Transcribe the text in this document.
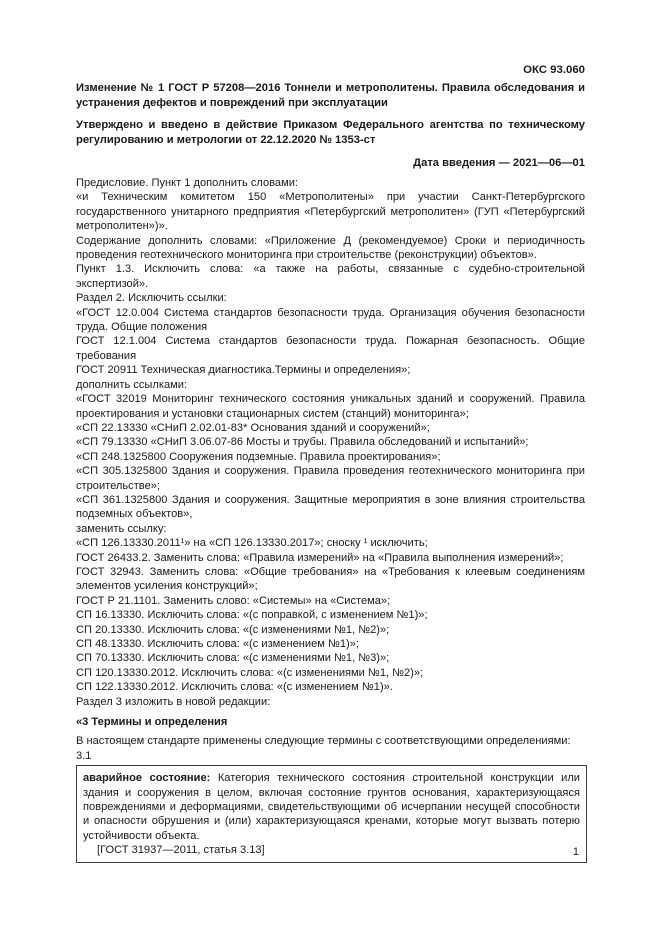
ОКС 93.060

Изменение № 1 ГОСТ Р 57208—2016 Тоннели и метрополитены. Правила обследования и устранения дефектов и повреждений при эксплуатации

Утверждено и введено в действие Приказом Федерального агентства по техническому регулированию и метрологии от 22.12.2020 № 1353-ст

Дата введения — 2021—06—01

Предисловие. Пункт 1 дополнить словами:

«и Техническим комитетом 150 «Метрополитены» при участии Санкт-Петербургского государственного унитарного предприятия «Петербургский метрополитен» (ГУП «Петербургский метрополитен»)».

Содержание дополнить словами: «Приложение Д (рекомендуемое) Сроки и периодичность проведения геотехнического мониторинга при строительстве (реконструкции) объектов».

Пункт 1.3. Исключить слова: «а также на работы, связанные с судебно-строительной экспертизой».

Раздел 2. Исключить ссылки:

«ГОСТ 12.0.004 Система стандартов безопасности труда. Организация обучения безопасности труда. Общие положения

ГОСТ 12.1.004 Система стандартов безопасности труда. Пожарная безопасность. Общие требования

ГОСТ 20911 Техническая диагностика.Термины и определения»;

дополнить ссылками:

«ГОСТ 32019 Мониторинг технического состояния уникальных зданий и сооружений. Правила проектирования и установки стационарных систем (станций) мониторинга»;

«СП 22.13330 «СНиП 2.02.01-83* Основания зданий и сооружений»;

«СП 79.13330 «СНиП 3.06.07-86 Мосты и трубы. Правила обследований и испытаний»;

«СП 248.1325800 Сооружения подземные. Правила проектирования»;

«СП 305.1325800 Здания и сооружения. Правила проведения геотехнического мониторинга при строительстве»;

«СП 361.1325800 Здания и сооружения. Защитные мероприятия в зоне влияния строительства подземных объектов»,

заменить ссылку:

«СП 126.13330.2011¹» на «СП 126.13330.2017»; сноску ¹ исключить;

ГОСТ 26433.2. Заменить слова: «Правила измерений» на «Правила выполнения измерений»;

ГОСТ 32943. Заменить слова: «Общие требования» на «Требования к клеевым соединениям элементов усиления конструкций»;

ГОСТ Р 21.1101. Заменить слово: «Системы» на «Система»;

СП 16.13330. Исключить слова: «(с поправкой, с изменением №1)»;

СП 20.13330. Исключить слова: «(с изменениями №1, №2)»;

СП 48.13330. Исключить слова: «(с изменением №1)»;

СП 70.13330. Исключить слова: «(с изменениями №1, №3)»;

СП 120.13330.2012. Исключить слова: «(с изменениями №1, №2)»;

СП 122.13330.2012. Исключить слова: «(с изменением №1)».

Раздел 3 изложить в новой редакции:

«3 Термины и определения

В настоящем стандарте применены следующие термины с соответствующими определениями:

3.1

аварийное состояние: Категория технического состояния строительной конструкции или здания и сооружения в целом, включая состояние грунтов основания, характеризующаяся повреждениями и деформациями, свидетельствующими об исчерпании несущей способности и опасности обрушения и (или) характеризующаяся кренами, которые могут вызвать потерю устойчивости объекта.

[ГОСТ 31937—2011, статья 3.13]	1
